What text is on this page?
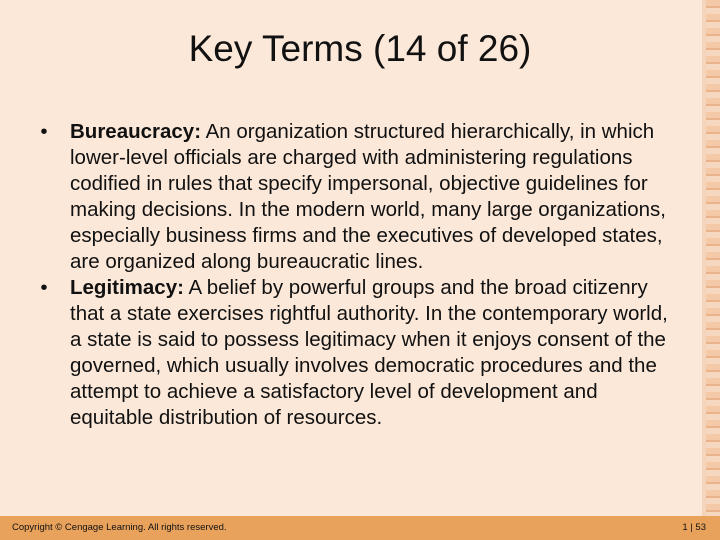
Key Terms (14 of 26)
•	Bureaucracy: An organization structured hierarchically, in which lower-level officials are charged with administering regulations codified in rules that specify impersonal, objective guidelines for making decisions. In the modern world, many large organizations, especially business firms and the executives of developed states, are organized along bureaucratic lines.
•	Legitimacy: A belief by powerful groups and the broad citizenry that a state exercises rightful authority. In the contemporary world, a state is said to possess legitimacy when it enjoys consent of the governed, which usually involves democratic procedures and the attempt to achieve a satisfactory level of development and equitable distribution of resources.
Copyright © Cengage Learning. All rights reserved.	1 | 53
